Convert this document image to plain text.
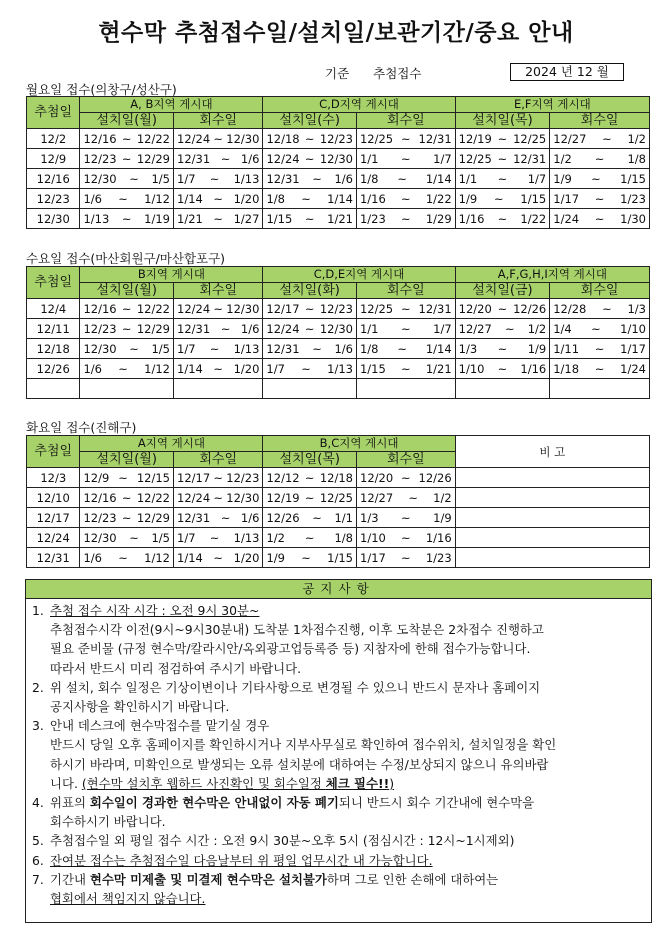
현수막 추첨접수일/설치일/보관기간/중요 안내
기준 추첨접수	2024 년 12 월
월요일 접수(의창구/성산구)
추첨일	A, B지역 게시대		C,D지역 게시대		E,F지역 게시대	
	설치일(월)	회수일	설치일(수)	회수일	설치일(목)	회수일
12/2	12/16 ~ 12/22	12/24 ~ 12/30	12/18 ~ 12/23	12/25 ~ 12/31	12/19 ~ 12/25	12/27 ~ 1/2

12/9	12/23 ~ 12/29	12/31 ~ 1/6	12/24 ~ 12/30	1/1 ~ 1/7	12/25 ~ 12/31	1/2 ~ 1/8

12/16	12/30 ~ 1/5	1/7 ~ 1/13	12/31 ~ 1/6	1/8 ~ 1/14	1/1 ~ 1/7	1/9 ~ 1/15

12/23	1/6 ~ 1/12	1/14 ~ 1/20	1/8 ~ 1/14	1/16 ~ 1/22	1/9 ~ 1/15	1/17 ~ 1/23

12/30	1/13 ~ 1/19	1/21 ~ 1/27	1/15 ~ 1/21	1/23 ~ 1/29	1/16 ~ 1/22	1/24 ~ 1/30
수요일 접수(마산회원구/마산합포구)
추첨일	B지역 게시대		C,D,E지역 게시대		A,F,G,H,I지역 게시대	
	설치일(월)	회수일	설치일(화)	회수일	설치일(금)	회수일
12/4	12/16 ~ 12/22	12/24 ~ 12/30	12/17 ~ 12/23	12/25 ~ 12/31	12/20 ~ 12/26	12/28 ~ 1/3

12/11	12/23 ~ 12/29	12/31 ~ 1/6	12/24 ~ 12/30	1/1 ~ 1/7	12/27 ~ 1/2	1/4 ~ 1/10

12/18	12/30 ~ 1/5	1/7 ~ 1/13	12/31 ~ 1/6	1/8 ~ 1/14	1/3 ~ 1/9	1/11 ~ 1/17

12/26	1/6 ~ 1/12	1/14 ~ 1/20	1/7 ~ 1/13	1/15 ~ 1/21	1/10 ~ 1/16	1/18 ~ 1/24

화요일 접수(진해구)
추첨일	A지역 게시대		B,C지역 게시대		비 고
	설치일(월)	회수일	설치일(목)	회수일	
12/3	12/9 ~ 12/15	12/17 ~ 12/23	12/12 ~ 12/18	12/20 ~ 12/26	

12/10	12/16 ~ 12/22	12/24 ~ 12/30	12/19 ~ 12/25	12/27 ~ 1/2	

12/17	12/23 ~ 12/29	12/31 ~ 1/6	12/26 ~ 1/1	1/3 ~ 1/9	

12/24	12/30 ~ 1/5	1/7 ~ 1/13	1/2 ~ 1/8	1/10 ~ 1/16	

12/31	1/6 ~ 1/12	1/14 ~ 1/20	1/9 ~ 1/15	1/17 ~ 1/23	

공지사항
1. 추첨 접수 시작 시각 : 오전 9시 30분~
추첨접수시각 이전(9시~9시30분내) 도착분 1차접수진행, 이후 도착분은 2차접수 진행하고
필요 준비물 (규정 현수막/칼라시안/옥외광고업등록증 등) 지참자에 한해 접수가능합니다.
따라서 반드시 미리 점검하여 주시기 바랍니다.
2. 위 설치, 회수 일정은 기상이변이나 기타사항으로 변경될 수 있으니 반드시 문자나 홈페이지
공지사항을 확인하시기 바랍니다.
3. 안내 데스크에 현수막접수를 맡기실 경우
반드시 당일 오후 홈페이지를 확인하시거나 지부사무실로 확인하여 접수위치, 설치일정을 확인
하시기 바라며, 미확인으로 발생되는 오류 설치분에 대하여는 수정/보상되지 않으니 유의바랍
니다. (현수막 설치후 웹하드 사진확인 및 회수일정 체크 필수!!)
4. 위표의 회수일이 경과한 현수막은 안내없이 자동 폐기되니 반드시 회수 기간내에 현수막을
회수하시기 바랍니다.
5. 추첨접수일 외 평일 접수 시간 : 오전 9시 30분~오후 5시 (점심시간 : 12시~1시제외)
6. 잔여분 접수는 추첨접수일 다음날부터 위 평일 업무시간 내 가능합니다.
7. 기간내 현수막 미제출 및 미결제 현수막은 설치불가하며 그로 인한 손해에 대하여는
협회에서 책임지지 않습니다.
